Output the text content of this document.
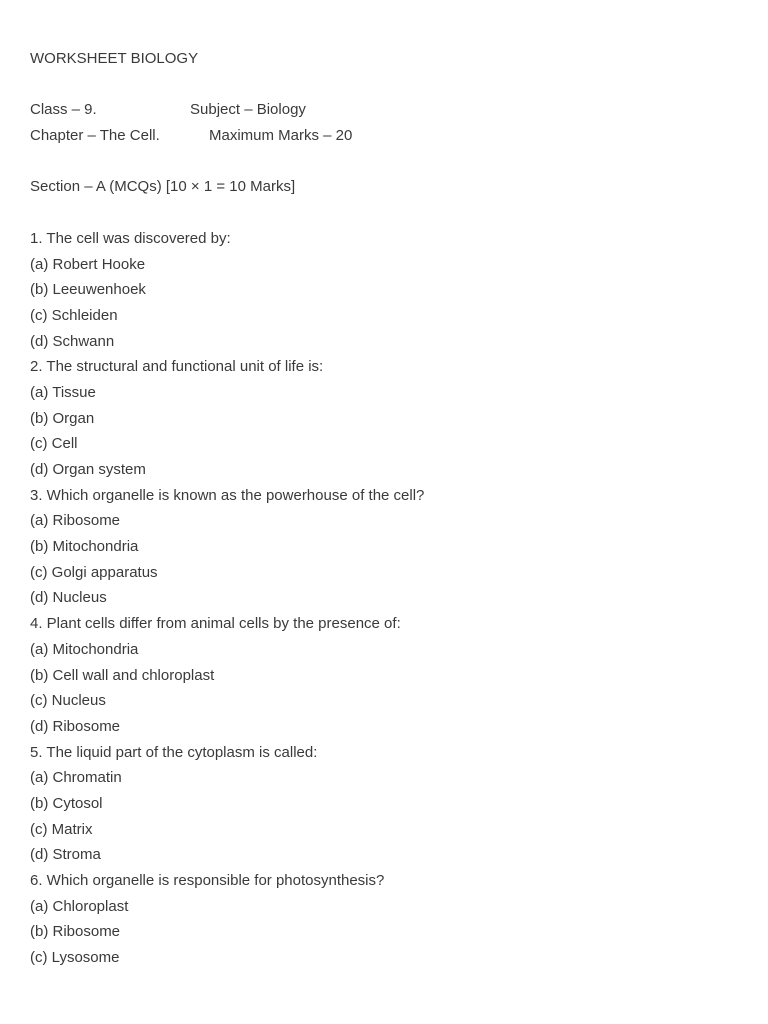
WORKSHEET BIOLOGY
Class – 9.	Subject – Biology
Chapter – The Cell.	Maximum Marks – 20
Section – A (MCQs) [10 × 1 = 10 Marks]
1. The cell was discovered by:
(a) Robert Hooke
(b) Leeuwenhoek
(c) Schleiden
(d) Schwann
2. The structural and functional unit of life is:
(a) Tissue
(b) Organ
(c) Cell
(d) Organ system
3. Which organelle is known as the powerhouse of the cell?
(a) Ribosome
(b) Mitochondria
(c) Golgi apparatus
(d) Nucleus
4. Plant cells differ from animal cells by the presence of:
(a) Mitochondria
(b) Cell wall and chloroplast
(c) Nucleus
(d) Ribosome
5. The liquid part of the cytoplasm is called:
(a) Chromatin
(b) Cytosol
(c) Matrix
(d) Stroma
6. Which organelle is responsible for photosynthesis?
(a) Chloroplast
(b) Ribosome
(c) Lysosome
